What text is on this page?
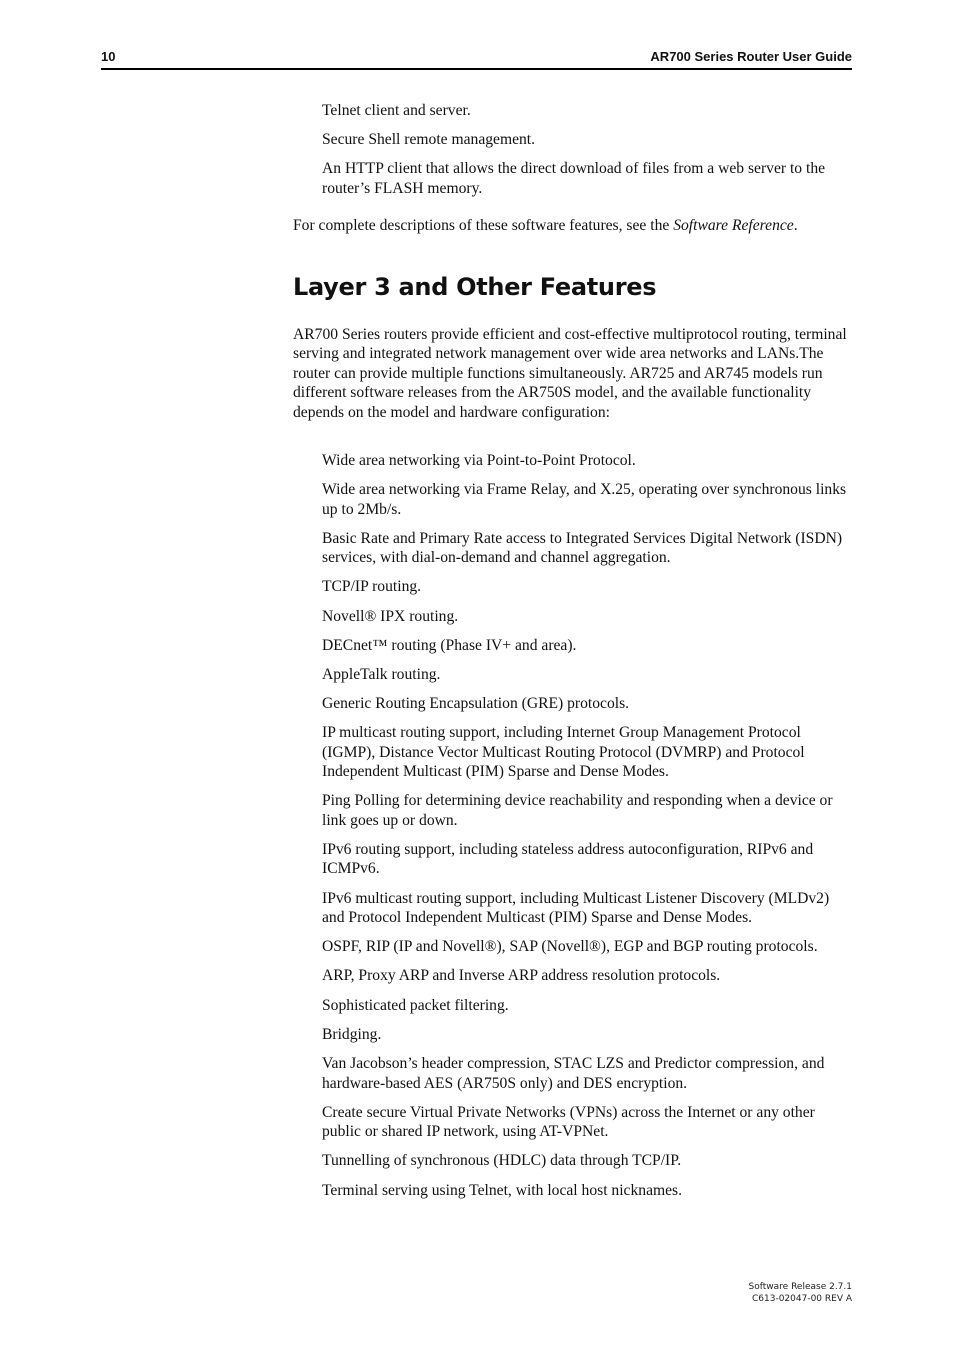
10	AR700 Series Router User Guide

Telnet client and server.

Secure Shell remote management.

An HTTP client that allows the direct download of files from a web server to the router’s FLASH memory.

For complete descriptions of these software features, see the Software Reference.

Layer 3 and Other Features

AR700 Series routers provide efficient and cost-effective multiprotocol routing, terminal serving and integrated network management over wide area networks and LANs.The router can provide multiple functions simultaneously. AR725 and AR745 models run different software releases from the AR750S model, and the available functionality depends on the model and hardware configuration:

Wide area networking via Point-to-Point Protocol.

Wide area networking via Frame Relay, and X.25, operating over synchronous links up to 2Mb/s.

Basic Rate and Primary Rate access to Integrated Services Digital Network (ISDN) services, with dial-on-demand and channel aggregation.

TCP/IP routing.

Novell® IPX routing.

DECnet™ routing (Phase IV+ and area).

AppleTalk routing.

Generic Routing Encapsulation (GRE) protocols.

IP multicast routing support, including Internet Group Management Protocol (IGMP), Distance Vector Multicast Routing Protocol (DVMRP) and Protocol Independent Multicast (PIM) Sparse and Dense Modes.

Ping Polling for determining device reachability and responding when a device or link goes up or down.

IPv6 routing support, including stateless address autoconfiguration, RIPv6 and ICMPv6.

IPv6 multicast routing support, including Multicast Listener Discovery (MLDv2) and Protocol Independent Multicast (PIM) Sparse and Dense Modes.

OSPF, RIP (IP and Novell®), SAP (Novell®), EGP and BGP routing protocols.

ARP, Proxy ARP and Inverse ARP address resolution protocols.

Sophisticated packet filtering.

Bridging.

Van Jacobson’s header compression, STAC LZS and Predictor compression, and hardware-based AES (AR750S only) and DES encryption.

Create secure Virtual Private Networks (VPNs) across the Internet or any other public or shared IP network, using AT-VPNet.

Tunnelling of synchronous (HDLC) data through TCP/IP.

Terminal serving using Telnet, with local host nicknames.

Software Release 2.7.1
C613-02047-00 REV A
